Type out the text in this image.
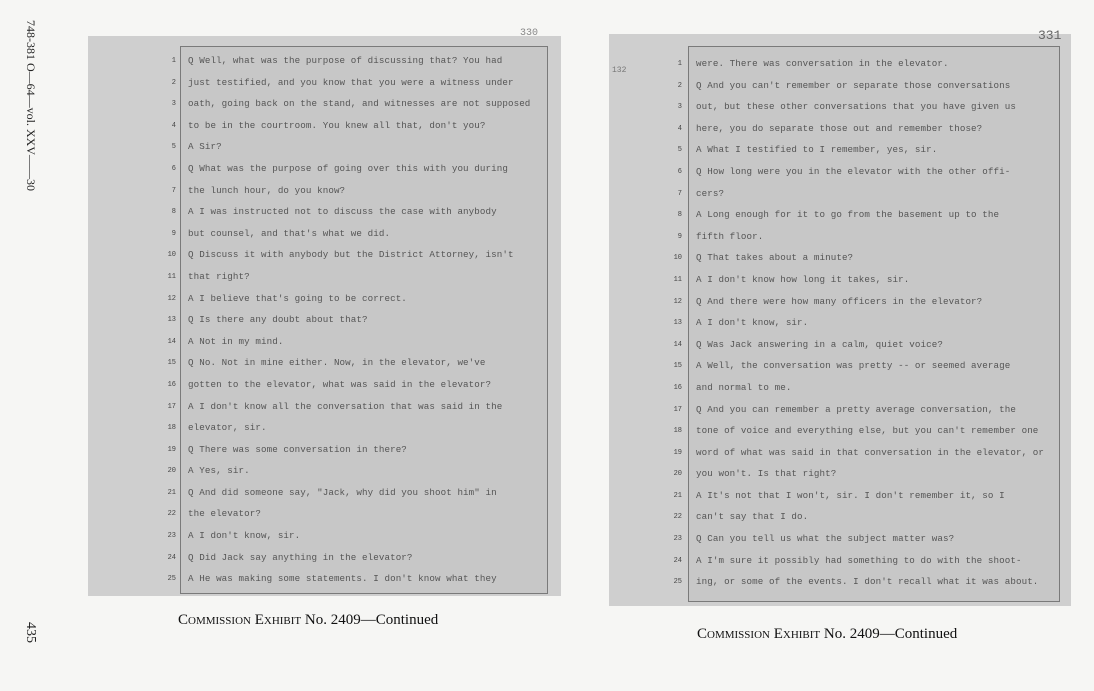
748-381 O—64—vol. XXV——30
435
330
1 Q Well, what was the purpose of discussing that? You had
2 just testified, and you know that you were a witness under
3 oath, going back on the stand, and witnesses are not supposed
4 to be in the courtroom. You knew all that, don't you?
5 A Sir?
6 Q What was the purpose of going over this with you during
7 the lunch hour, do you know?
8 A I was instructed not to discuss the case with anybody
9 but counsel, and that's what we did.
10 Q Discuss it with anybody but the District Attorney, isn't
11 that right?
12 A I believe that's going to be correct.
13 Q Is there any doubt about that?
14 A Not in my mind.
15 Q No. Not in mine either. Now, in the elevator, we've
16 gotten to the elevator, what was said in the elevator?
17 A I don't know all the conversation that was said in the
18 elevator, sir.
19 Q There was some conversation in there?
20 A Yes, sir.
21 Q And did someone say, "Jack, why did you shoot him" in
22 the elevator?
23 A I don't know, sir.
24 Q Did Jack say anything in the elevator?
25 A He was making some statements. I don't know what they
Commission Exhibit No. 2409—Continued
331
132
1 were. There was conversation in the elevator.
2 Q And you can't remember or separate those conversations
3 out, but these other conversations that you have given us
4 here, you do separate those out and remember those?
5 A What I testified to I remember, yes, sir.
6 Q How long were you in the elevator with the other offi-
7 cers?
8 A Long enough for it to go from the basement up to the
9 fifth floor.
10 Q That takes about a minute?
11 A I don't know how long it takes, sir.
12 Q And there were how many officers in the elevator?
13 A I don't know, sir.
14 Q Was Jack answering in a calm, quiet voice?
15 A Well, the conversation was pretty -- or seemed average
16 and normal to me.
17 Q And you can remember a pretty average conversation, the
18 tone of voice and everything else, but you can't remember one
19 word of what was said in that conversation in the elevator, or
20 you won't. Is that right?
21 A It's not that I won't, sir. I don't remember it, so I
22 can't say that I do.
23 Q Can you tell us what the subject matter was?
24 A I'm sure it possibly had something to do with the shoot-
25 ing, or some of the events. I don't recall what it was about.
Commission Exhibit No. 2409—Continued
